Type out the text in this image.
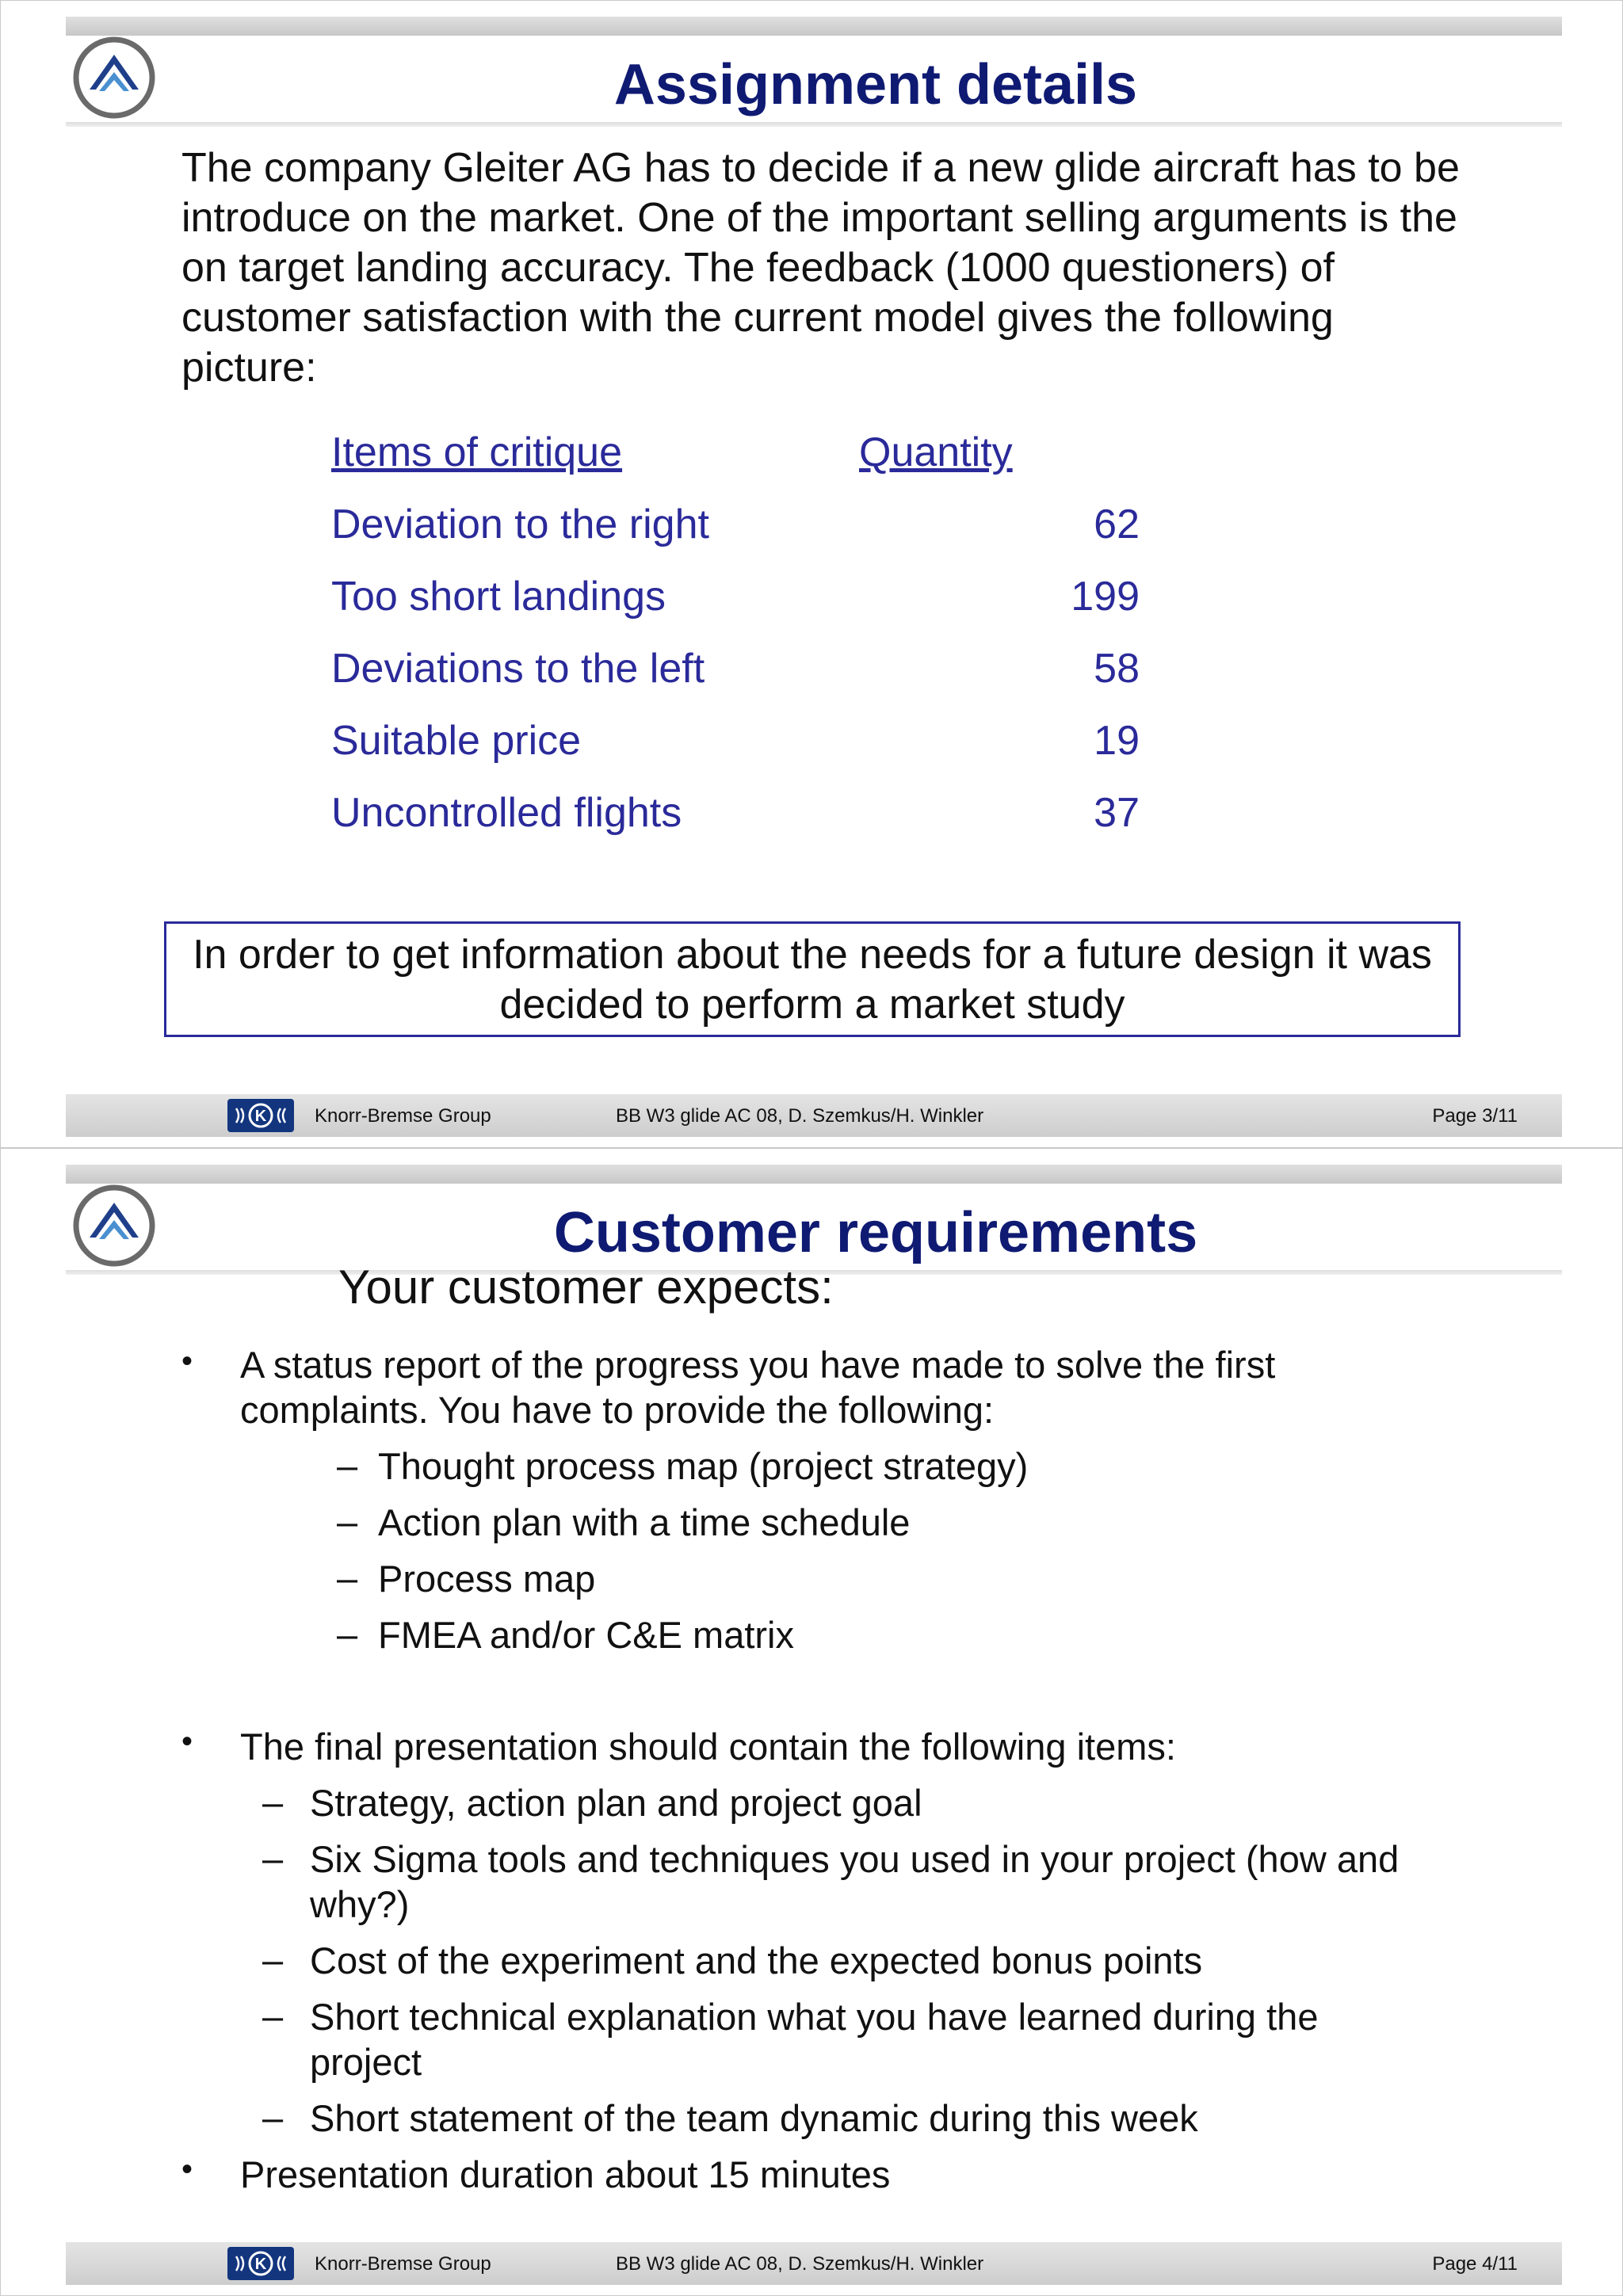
Assignment details

The company Gleiter AG has to decide if a new glide aircraft has to be introduce on the market. One of the important selling arguments is the on target landing accuracy. The feedback (1000 questioners) of customer satisfaction with the current model gives the following picture:

Items of critique	Quantity
Deviation to the right	62
Too short landings	199
Deviations to the left	58
Suitable price	19
Uncontrolled flights	37
In order to get information about the needs for a future design it was decided to perform a market study
K	Knorr-Bremse Group	BB W3 glide AC 08, D. Szemkus/H. Winkler	Page 3/11
Customer requirements
Your customer expects:
• A status report of the progress you have made to solve the first
complaints. You have to provide the following:
– Thought process map (project strategy)
– Action plan with a time schedule
– Process map
– FMEA and/or C&E matrix
• The final presentation should contain the following items:
– Strategy, action plan and project goal
– Six Sigma tools and techniques you used in your project (how and
why?)
– Cost of the experiment and the expected bonus points
– Short technical explanation what you have learned during the
project
– Short statement of the team dynamic during this week
• Presentation duration about 15 minutes
K	Knorr-Bremse Group	BB W3 glide AC 08, D. Szemkus/H. Winkler	Page 4/11
